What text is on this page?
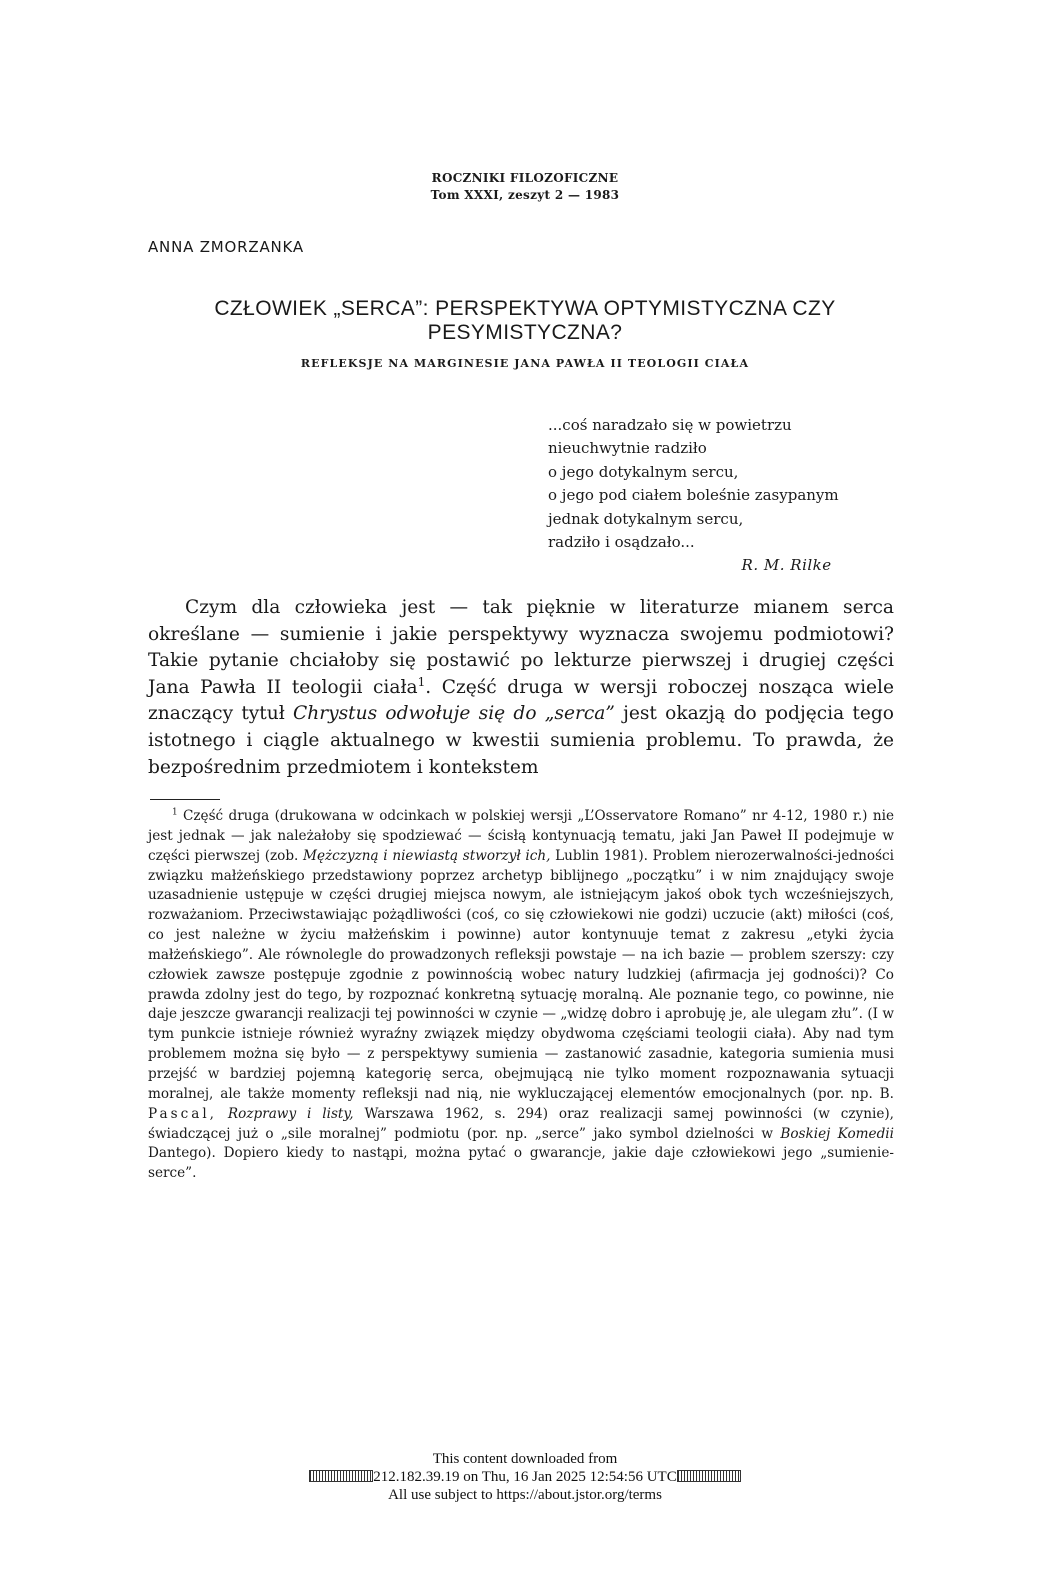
ROCZNIKI FILOZOFICZNE
Tom XXXI, zeszyt 2 — 1983
ANNA ZMORZANKA
CZŁOWIEK „SERCA”: PERSPEKTYWA OPTYMISTYCZNA CZY
PESYMISTYCZNA?
REFLEKSJE NA MARGINESIE JANA PAWŁA II TEOLOGII CIAŁA
...coś naradzało się w powietrzu
nieuchwytnie radziło
o jego dotykalnym sercu,
o jego pod ciałem boleśnie zasypanym
jednak dotykalnym sercu,
radziło i osądzało...
R. M. Rilke
Czym dla człowieka jest — tak pięknie w literaturze mianem serca określane — sumienie i jakie perspektywy wyznacza swojemu podmiotowi? Takie pytanie chciałoby się postawić po lekturze pierwszej i drugiej części Jana Pawła II teologii ciała$^1$. Część druga w wersji roboczej nosząca wiele znaczący tytuł Chrystus odwołuje się do „serca” jest okazją do podjęcia tego istotnego i ciągle aktualnego w kwestii sumienia problemu. To prawda, że bezpośrednim przedmiotem i kontekstem
$^1$ Część druga (drukowana w odcinkach w polskiej wersji „L’Osservatore Romano” nr 4-12, 1980 r.) nie jest jednak — jak należałoby się spodziewać — ścisłą kontynuacją tematu, jaki Jan Paweł II podejmuje w części pierwszej (zob. Mężczyzną i niewiastą stworzył ich, Lublin 1981). Problem nierozerwalności-jedności związku małżeńskiego przedstawiony poprzez archetyp biblijnego „początku” i w nim znajdujący swoje uzasadnienie ustępuje w części drugiej miejsca nowym, ale istniejącym jakoś obok tych wcześniejszych, rozważaniom. Przeciwstawiając pożądliwości (coś, co się człowiekowi nie godzi) uczucie (akt) miłości (coś, co jest należne w życiu małżeńskim i powinne) autor kontynuuje temat z zakresu „etyki życia małżeńskiego”. Ale równolegle do prowadzonych refleksji powstaje — na ich bazie — problem szerszy: czy człowiek zawsze postępuje zgodnie z powinnością wobec natury ludzkiej (afirmacja jej godności)? Co prawda zdolny jest do tego, by rozpoznać konkretną sytuację moralną. Ale poznanie tego, co powinne, nie daje jeszcze gwarancji realizacji tej powinności w czynie — „widzę dobro i aprobuję je, ale ulegam złu”. (I w tym punkcie istnieje również wyraźny związek między obydwoma częściami teologii ciała). Aby nad tym problemem można się było — z perspektywy sumienia — zastanowić zasadnie, kategoria sumienia musi przejść w bardziej pojemną kategorię serca, obejmującą nie tylko moment rozpoznawania sytuacji moralnej, ale także momenty refleksji nad nią, nie wykluczającej elementów emocjonalnych (por. np. B. Pascal, Rozprawy i listy, Warszawa 1962, s. 294) oraz realizacji samej powinności (w czynie), świadczącej już o „sile moralnej” podmiotu (por. np. „serce” jako symbol dzielności w Boskiej Komedii Dantego). Dopiero kiedy to nastąpi, można pytać o gwarancje, jakie daje człowiekowi jego „sumienie-serce”.
This content downloaded from
212.182.39.19 on Thu, 16 Jan 2025 12:54:56 UTC
All use subject to https://about.jstor.org/terms
